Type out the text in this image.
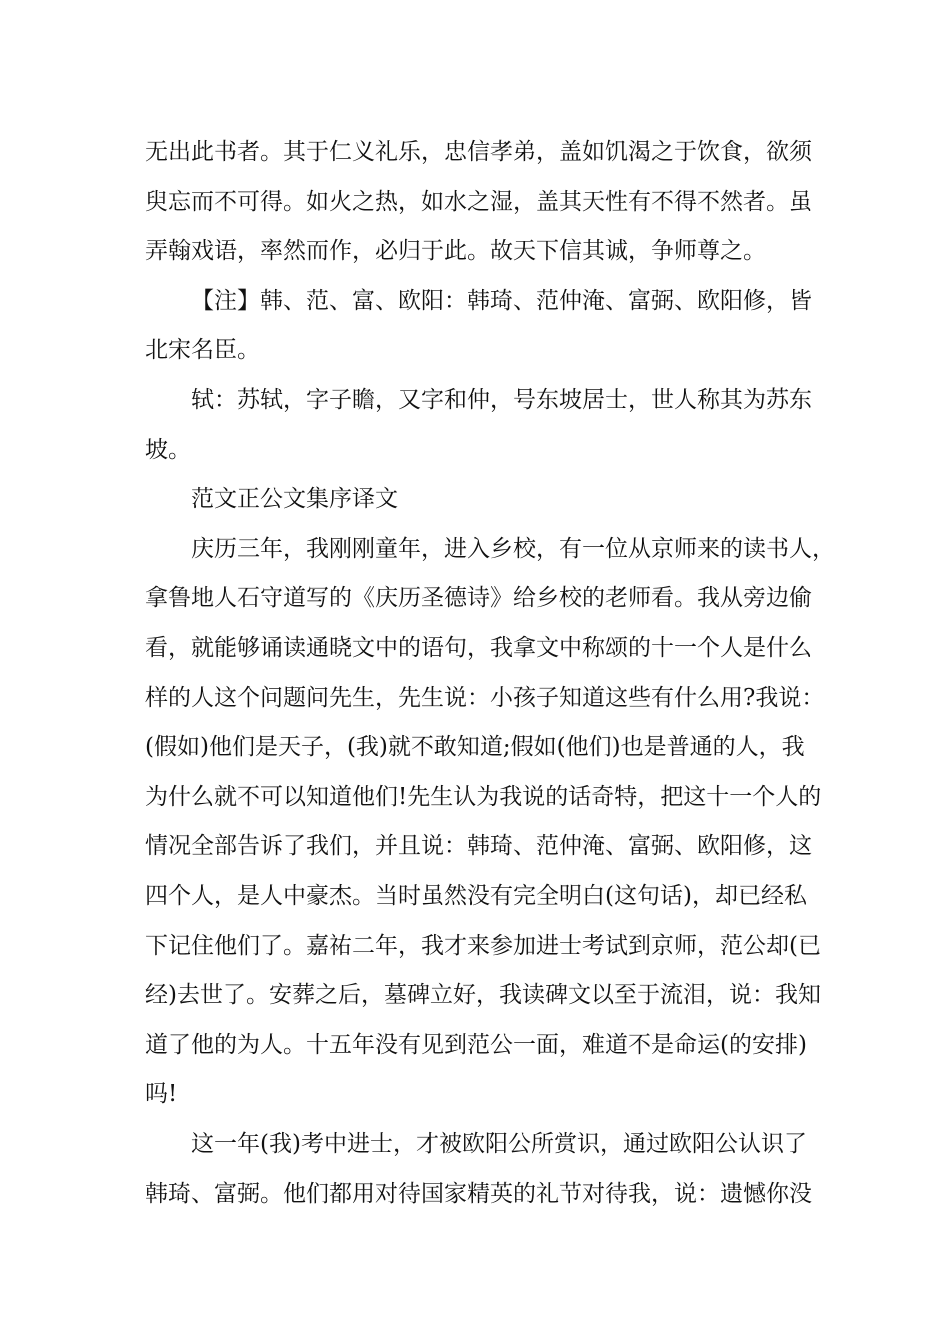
无出此书者。其于仁义礼乐，忠信孝弟，盖如饥渴之于饮食，欲须
臾忘而不可得。如火之热，如水之湿，盖其天性有不得不然者。虽
弄翰戏语，率然而作，必归于此。故天下信其诚，争师尊之。
【注】韩、范、富、欧阳：韩琦、范仲淹、富弼、欧阳修，皆
北宋名臣。
轼：苏轼，字子瞻，又字和仲，号东坡居士，世人称其为苏东
坡。
范文正公文集序译文
庆历三年，我刚刚童年，进入乡校，有一位从京师来的读书人，
拿鲁地人石守道写的《庆历圣德诗》给乡校的老师看。我从旁边偷
看，就能够诵读通晓文中的语句，我拿文中称颂的十一个人是什么
样的人这个问题问先生，先生说：小孩子知道这些有什么用?我说：
(假如)他们是天子，(我)就不敢知道;假如(他们)也是普通的人，我
为什么就不可以知道他们!先生认为我说的话奇特，把这十一个人的
情况全部告诉了我们，并且说：韩琦、范仲淹、富弼、欧阳修，这
四个人，是人中豪杰。当时虽然没有完全明白(这句话)，却已经私
下记住他们了。嘉祐二年，我才来参加进士考试到京师，范公却(已
经)去世了。安葬之后，墓碑立好，我读碑文以至于流泪，说：我知
道了他的为人。十五年没有见到范公一面，难道不是命运(的安排)
吗!
这一年(我)考中进士，才被欧阳公所赏识，通过欧阳公认识了
韩琦、富弼。他们都用对待国家精英的礼节对待我，说：遗憾你没
